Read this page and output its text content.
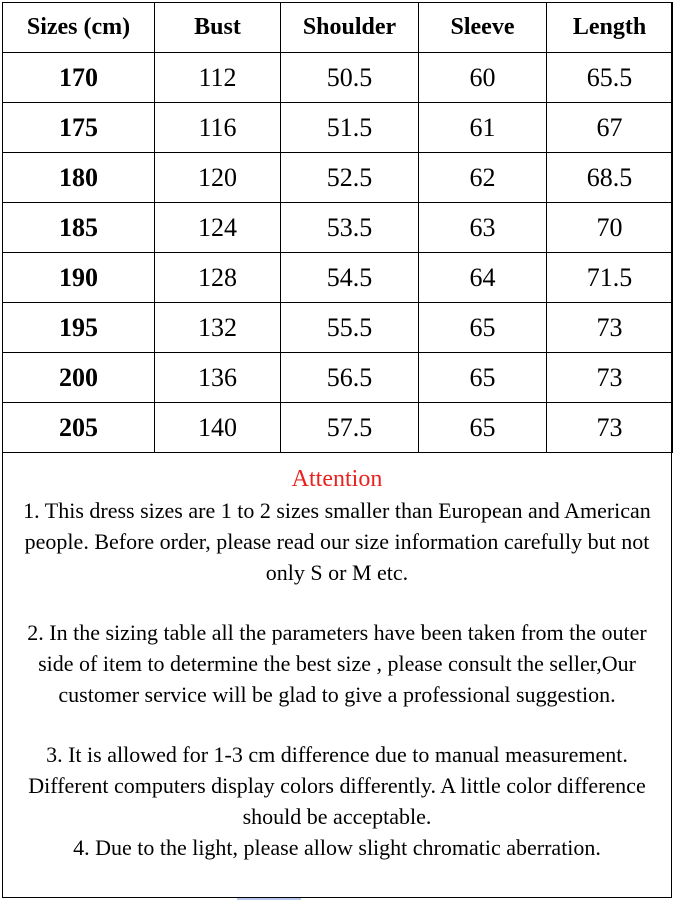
Sizes (cm)	Bust	Shoulder	Sleeve	Length
170	112	50.5	60	65.5
175	116	51.5	61	67
180	120	52.5	62	68.5
185	124	53.5	63	70
190	128	54.5	64	71.5
195	132	55.5	65	73
200	136	56.5	65	73
205	140	57.5	65	73
Attention

1. This dress sizes are 1 to 2 sizes smaller than European and American people. Before order, please read our size information carefully but not only S or M etc.

2. In the sizing table all the parameters have been taken from the outer side of item to determine the best size , please consult the seller,Our customer service will be glad to give a professional suggestion.

3. It is allowed for 1-3 cm difference due to manual measurement. Different computers display colors differently. A little color difference should be acceptable.

4. Due to the light, please allow slight chromatic aberration.
